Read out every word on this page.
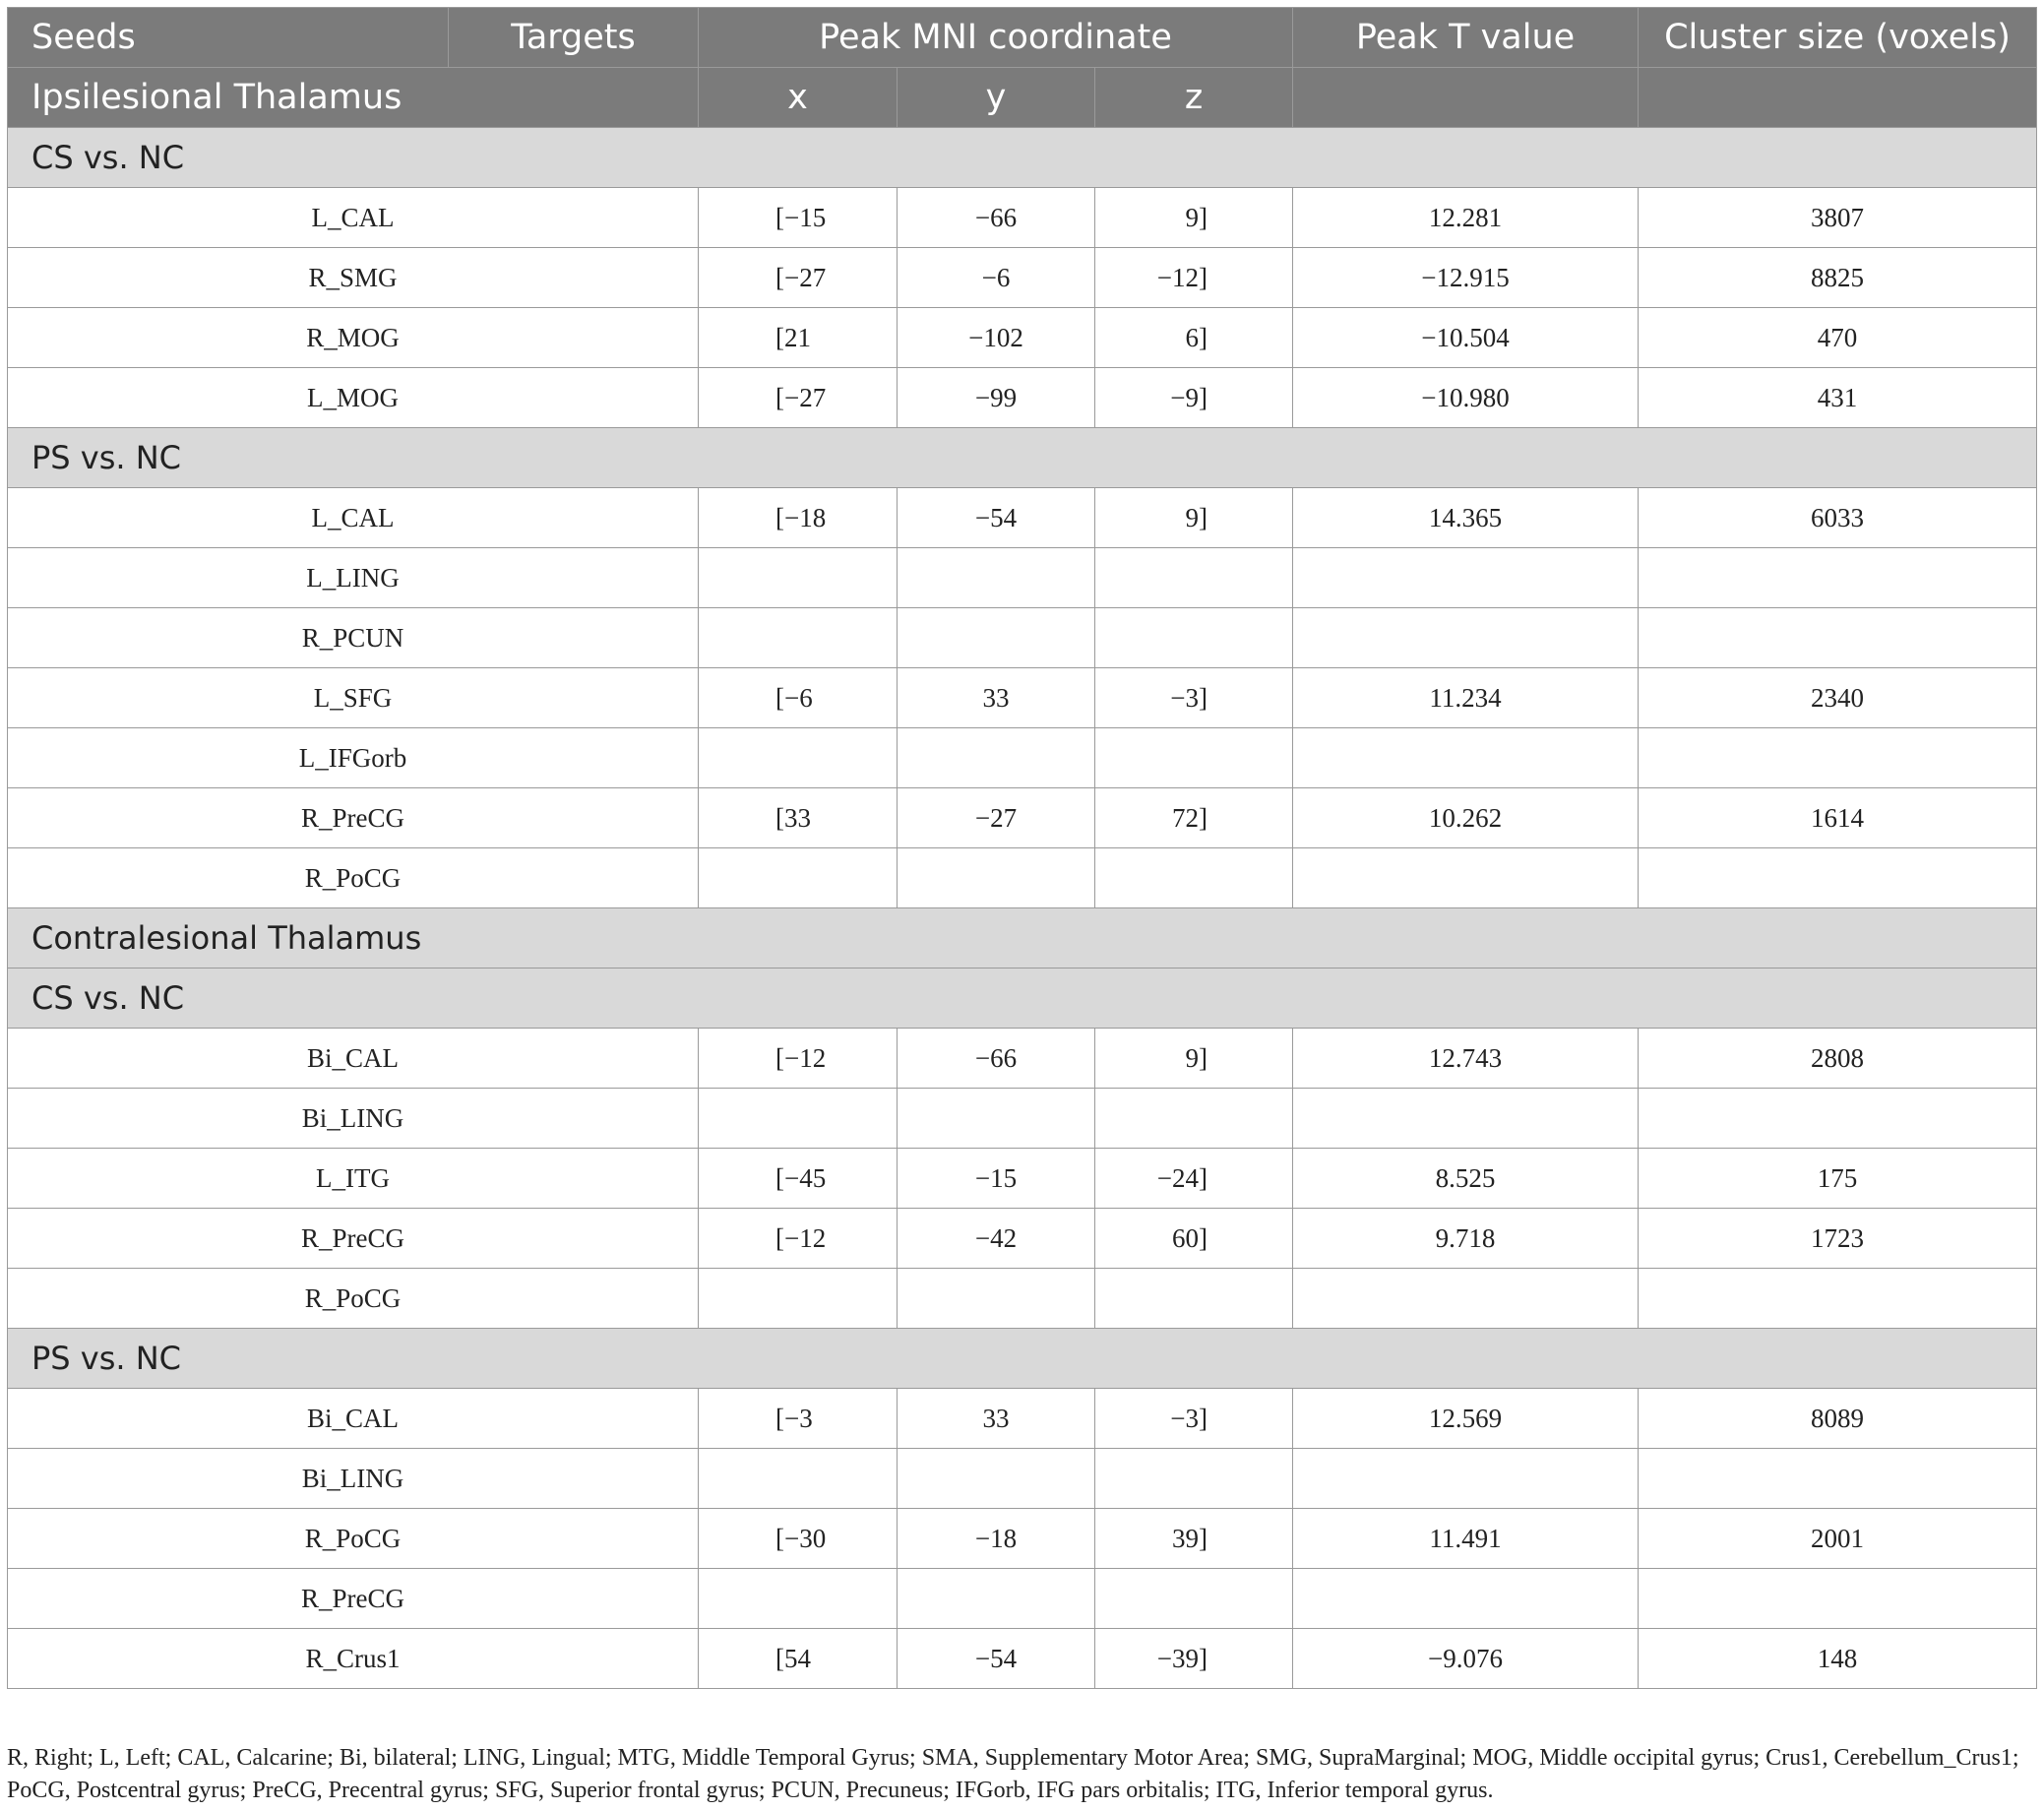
Seeds	Targets	Peak MNI coordinate			Peak T value	Cluster size (voxels)
Ipsilesional Thalamus		x	y	z		
CS vs. NC						
L_CAL		[−15	−66	9]	12.281	3807
R_SMG		[−27	−6	−12]	−12.915	8825
R_MOG		[21	−102	6]	−10.504	470
L_MOG		[−27	−99	−9]	−10.980	431
PS vs. NC						
L_CAL		[−18	−54	9]	14.365	6033
L_LING						
R_PCUN						
L_SFG		[−6	33	−3]	11.234	2340
L_IFGorb						
R_PreCG		[33	−27	72]	10.262	1614
R_PoCG						
Contralesional Thalamus						
CS vs. NC						
Bi_CAL		[−12	−66	9]	12.743	2808
Bi_LING						
L_ITG		[−45	−15	−24]	8.525	175
R_PreCG		[−12	−42	60]	9.718	1723
R_PoCG						
PS vs. NC						
Bi_CAL		[−3	33	−3]	12.569	8089
Bi_LING						
R_PoCG		[−30	−18	39]	11.491	2001
R_PreCG						
R_Crus1		[54	−54	−39]	−9.076	148
R, Right; L, Left; CAL, Calcarine; Bi, bilateral; LING, Lingual; MTG, Middle Temporal Gyrus; SMA, Supplementary Motor Area; SMG, SupraMarginal; MOG, Middle occipital gyrus; Crus1, Cerebellum_Crus1; PoCG, Postcentral gyrus; PreCG, Precentral gyrus; SFG, Superior frontal gyrus; PCUN, Precuneus; IFGorb, IFG pars orbitalis; ITG, Inferior temporal gyrus.
